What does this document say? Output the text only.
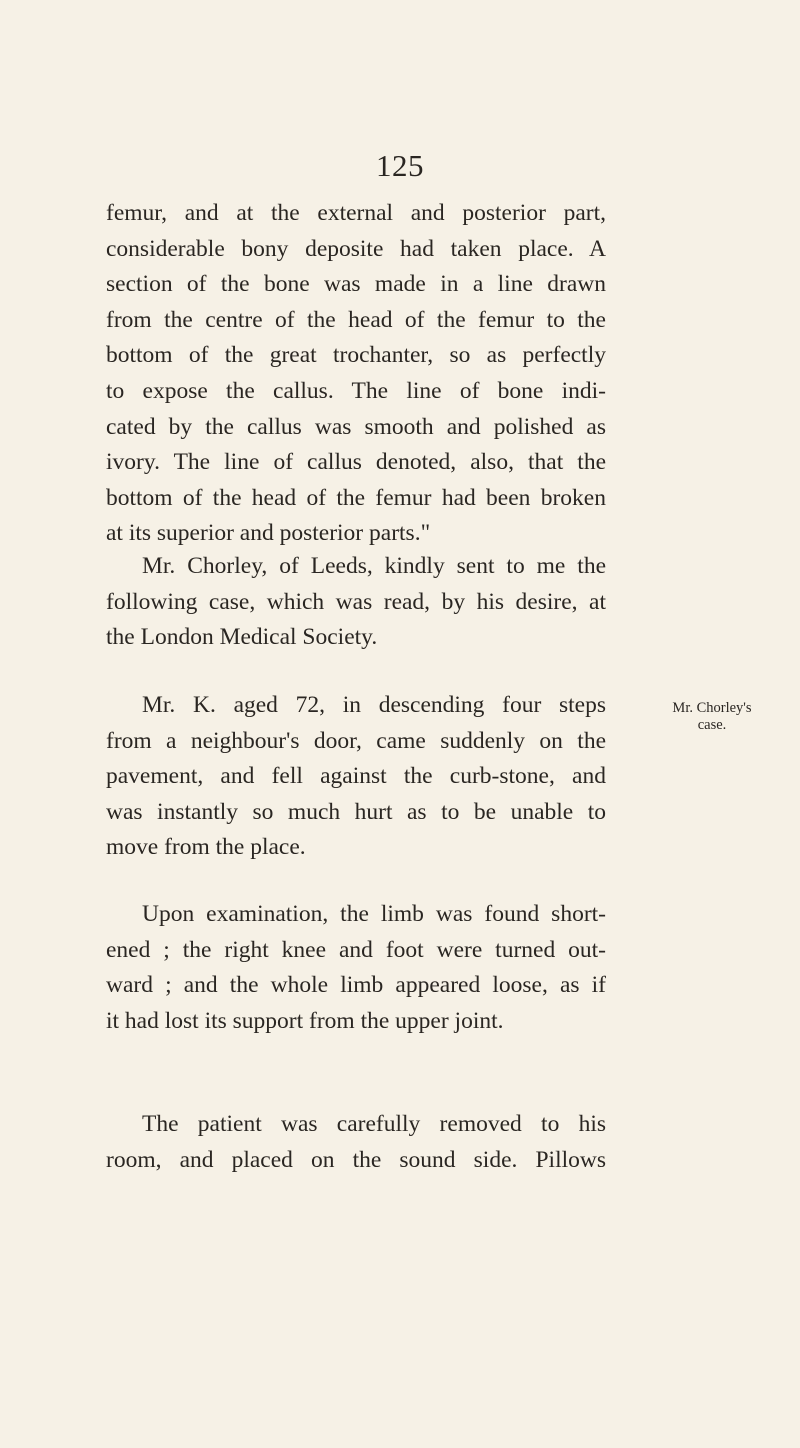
125
femur, and at the external and posterior part,
considerable bony deposite had taken place. A
section of the bone was made in a line drawn
from the centre of the head of the femur to the
bottom of the great trochanter, so as perfectly
to expose the callus. The line of bone indi-
cated by the callus was smooth and polished as
ivory. The line of callus denoted, also, that the
bottom of the head of the femur had been broken
at its superior and posterior parts."
Mr. Chorley, of Leeds, kindly sent to me the
following case, which was read, by his desire, at
the London Medical Society.
Mr. K. aged 72, in descending four steps
from a neighbour's door, came suddenly on the
pavement, and fell against the curb-stone, and
was instantly so much hurt as to be unable to
move from the place.
Mr. Chorley's
case.
Upon examination, the limb was found short-
ened ; the right knee and foot were turned out-
ward ; and the whole limb appeared loose, as if
it had lost its support from the upper joint.
The patient was carefully removed to his
room, and placed on the sound side. Pillows
